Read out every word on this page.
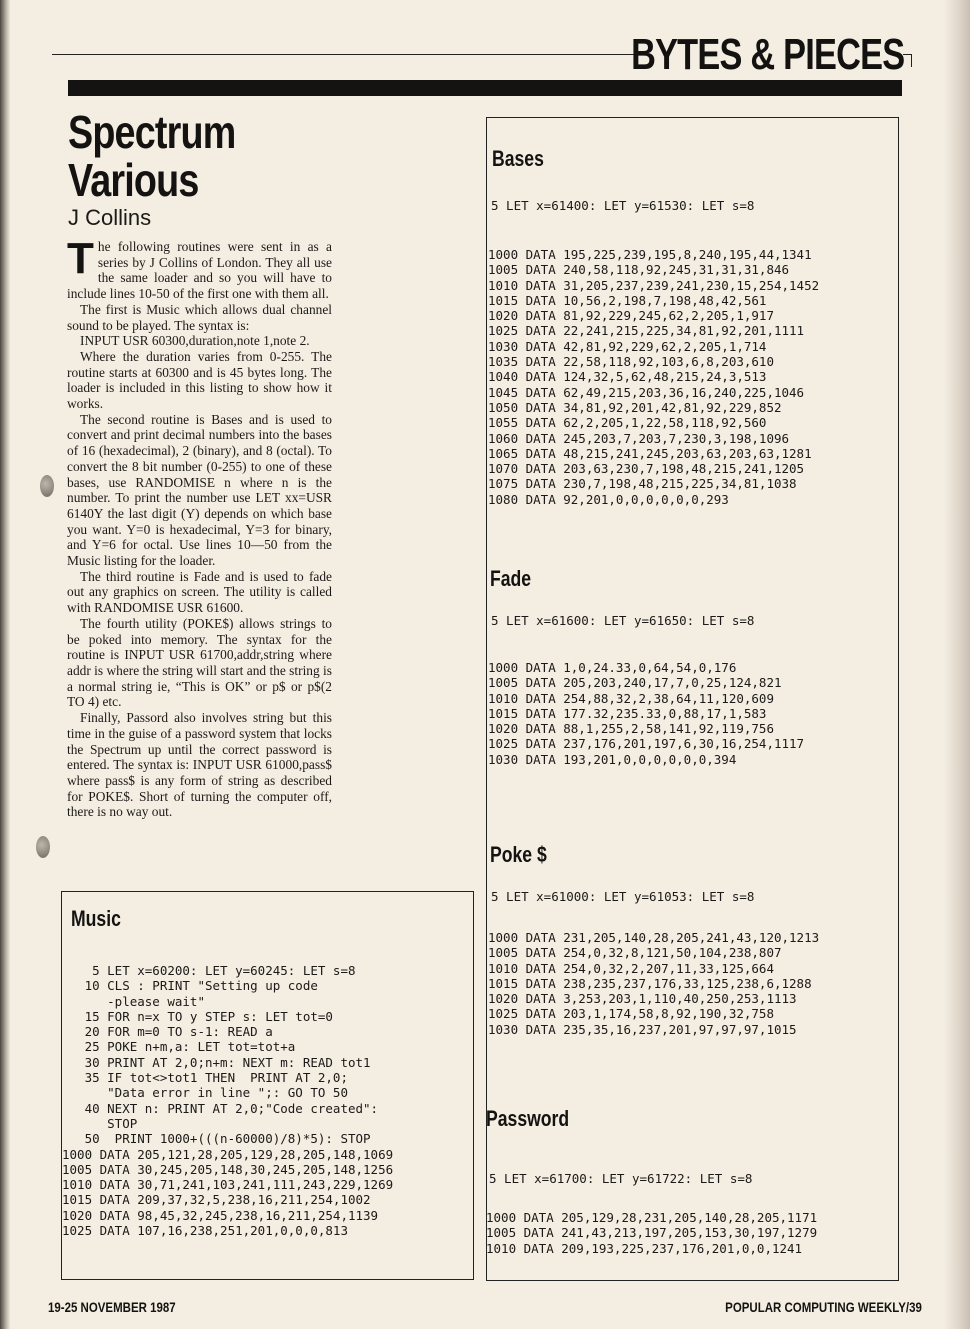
BYTES & PIECES
Spectrum
Various
J Collins

The following routines were sent in as a series by J Collins of London. They all use the same loader and so you will have to include lines 10-50 of the first one with them all.

The first is Music which allows dual channel sound to be played. The syntax is:

INPUT USR 60300,duration,note 1,note 2.

Where the duration varies from 0-255. The routine starts at 60300 and is 45 bytes long. The loader is included in this listing to show how it works.

The second routine is Bases and is used to convert and print decimal numbers into the bases of 16 (hexadecimal), 2 (binary), and 8 (octal). To convert the 8 bit number (0-255) to one of these bases, use RANDOMISE n where n is the number. To print the number use LET xx=USR 6140Y the last digit (Y) depends on which base you want. Y=0 is hexadecimal, Y=3 for binary, and Y=6 for octal. Use lines 10—50 from the Music listing for the loader.

The third routine is Fade and is used to fade out any graphics on screen. The utility is called with RANDOMISE USR 61600.

The fourth utility (POKE$) allows strings to be poked into memory. The syntax for the routine is INPUT USR 61700,addr,string where addr is where the string will start and the string is a normal string ie, “This is OK” or p$ or p$(2 TO 4) etc.

Finally, Passord also involves string but this time in the guise of a password system that locks the Spectrum up until the correct password is entered. The syntax is: INPUT USR 61000,pass$ where pass$ is any form of string as described for POKE$. Short of turning the computer off, there is no way out.

Music
5 LET x=60200: LET y=60245: LET s=8
10 CLS : PRINT "Setting up code
-please wait"
15 FOR n=x TO y STEP s: LET tot=0
20 FOR m=0 TO s-1: READ a
25 POKE n+m,a: LET tot=tot+a
30 PRINT AT 2,0;n+m: NEXT m: READ tot1
35 IF tot<>tot1 THEN  PRINT AT 2,0;
"Data error in line ";: GO TO 50
40 NEXT n: PRINT AT 2,0;"Code created":
STOP
50  PRINT 1000+(((n-60000)/8)*5): STOP
1000 DATA 205,121,28,205,129,28,205,148,1069
1005 DATA 30,245,205,148,30,245,205,148,1256
1010 DATA 30,71,241,103,241,111,243,229,1269
1015 DATA 209,37,32,5,238,16,211,254,1002
1020 DATA 98,45,32,245,238,16,211,254,1139
1025 DATA 107,16,238,251,201,0,0,0,813
Bases
5 LET x=61400: LET y=61530: LET s=8
1000 DATA 195,225,239,195,8,240,195,44,1341
1005 DATA 240,58,118,92,245,31,31,31,846
1010 DATA 31,205,237,239,241,230,15,254,1452
1015 DATA 10,56,2,198,7,198,48,42,561
1020 DATA 81,92,229,245,62,2,205,1,917
1025 DATA 22,241,215,225,34,81,92,201,1111
1030 DATA 42,81,92,229,62,2,205,1,714
1035 DATA 22,58,118,92,103,6,8,203,610
1040 DATA 124,32,5,62,48,215,24,3,513
1045 DATA 62,49,215,203,36,16,240,225,1046
1050 DATA 34,81,92,201,42,81,92,229,852
1055 DATA 62,2,205,1,22,58,118,92,560
1060 DATA 245,203,7,203,7,230,3,198,1096
1065 DATA 48,215,241,245,203,63,203,63,1281
1070 DATA 203,63,230,7,198,48,215,241,1205
1075 DATA 230,7,198,48,215,225,34,81,1038
1080 DATA 92,201,0,0,0,0,0,0,293
Fade
5 LET x=61600: LET y=61650: LET s=8
1000 DATA 1,0,24.33,0,64,54,0,176
1005 DATA 205,203,240,17,7,0,25,124,821
1010 DATA 254,88,32,2,38,64,11,120,609
1015 DATA 177.32,235.33,0,88,17,1,583
1020 DATA 88,1,255,2,58,141,92,119,756
1025 DATA 237,176,201,197,6,30,16,254,1117
1030 DATA 193,201,0,0,0,0,0,0,394
Poke $
5 LET x=61000: LET y=61053: LET s=8
1000 DATA 231,205,140,28,205,241,43,120,1213
1005 DATA 254,0,32,8,121,50,104,238,807
1010 DATA 254,0,32,2,207,11,33,125,664
1015 DATA 238,235,237,176,33,125,238,6,1288
1020 DATA 3,253,203,1,110,40,250,253,1113
1025 DATA 203,1,174,58,8,92,190,32,758
1030 DATA 235,35,16,237,201,97,97,97,1015
Password
5 LET x=61700: LET y=61722: LET s=8
1000 DATA 205,129,28,231,205,140,28,205,1171
1005 DATA 241,43,213,197,205,153,30,197,1279
1010 DATA 209,193,225,237,176,201,0,0,1241
19-25 NOVEMBER 1987	POPULAR COMPUTING WEEKLY/39
